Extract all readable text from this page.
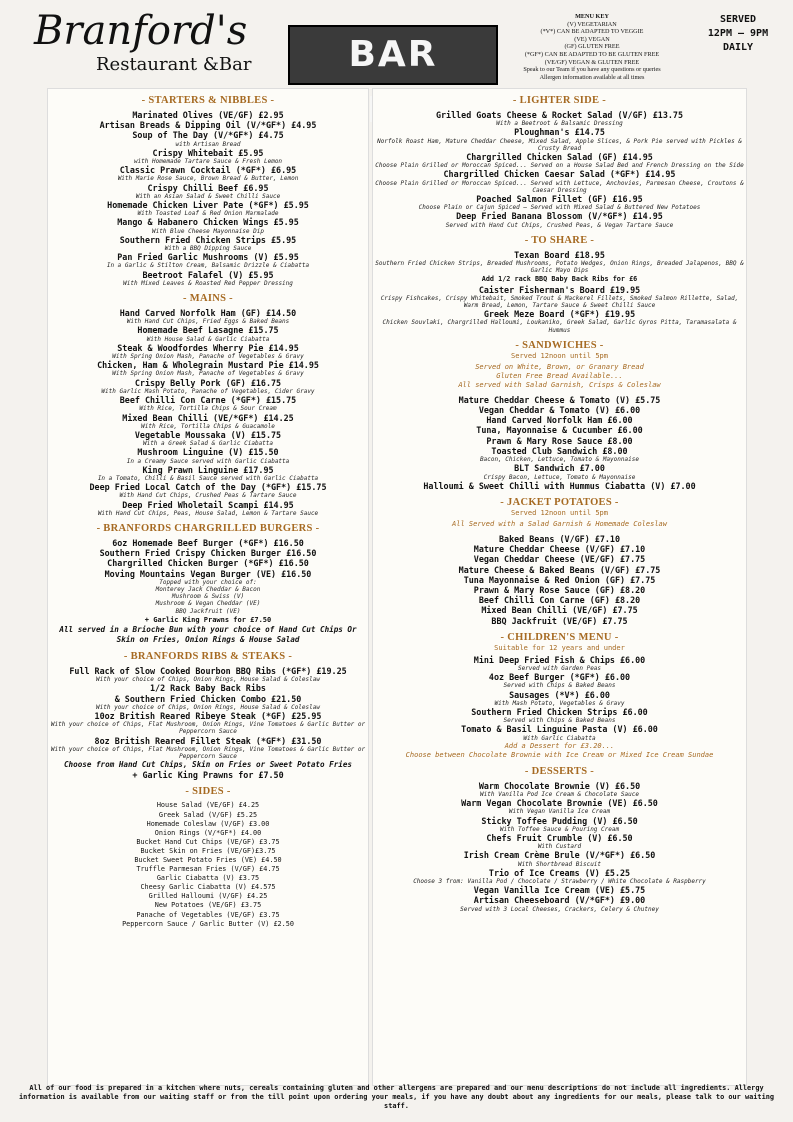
Branford's
Restaurant &Bar	BAR
MENU KEY
(V) VEGETARIAN
(*V*) CAN BE ADAPTED TO VEGGIE
(VE) VEGAN
(GF) GLUTEN FREE
(*GF*) CAN BE ADAPTED TO BE GLUTEN FREE
(VE/GF) VEGAN & GLUTEN FREE
Speak to our Team if you have any questions or queries
Allergen information available at all times
SERVED
12PM – 9PM
DAILY
- STARTERS & NIBBLES -
Marinated Olives (VE/GF) £2.95
Artisan Breads & Dipping Oil (V/*GF*) £4.95
Soup of The Day (V/*GF*) £4.75
with Artisan Bread
Crispy Whitebait £5.95
with Homemade Tartare Sauce & Fresh Lemon
Classic Prawn Cocktail (*GF*) £6.95
With Marie Rose Sauce, Brown Bread & Butter, Lemon
Crispy Chilli Beef £6.95
With an Asian Salad & Sweet Chilli Sauce
Homemade Chicken Liver Pate (*GF*) £5.95
With Toasted Loaf & Red Onion Marmalade
Mango & Habanero Chicken Wings £5.95
With Blue Cheese Mayonnaise Dip
Southern Fried Chicken Strips £5.95
With a BBQ Dipping Sauce
Pan Fried Garlic Mushrooms (V) £5.95
In a Garlic & Stilton Cream, Balsamic Drizzle & Ciabatta
Beetroot Falafel (V) £5.95
With Mixed Leaves & Roasted Red Pepper Dressing
- MAINS -
Hand Carved Norfolk Ham (GF) £14.50
With Hand Cut Chips, Fried Eggs & Baked Beans
Homemade Beef Lasagne £15.75
With House Salad & Garlic Ciabatta
Steak & Woodfordes Wherry Pie £14.95
With Spring Onion Mash, Panache of Vegetables & Gravy
Chicken, Ham & Wholegrain Mustard Pie £14.95
With Spring Onion Mash, Panache of Vegetables & Gravy
Crispy Belly Pork (GF) £16.75
With Garlic Mash Potato, Panache of Vegetables, Cider Gravy
Beef Chilli Con Carne (*GF*) £15.75
With Rice, Tortilla Chips & Sour Cream
Mixed Bean Chilli (VE/*GF*) £14.25
With Rice, Tortilla Chips & Guacamole
Vegetable Moussaka (V) £15.75
With a Greek Salad & Garlic Ciabatta
Mushroom Linguine (V) £15.50
In a Creamy Sauce served with Garlic Ciabatta
King Prawn Linguine £17.95
In a Tomato, Chilli & Basil Sauce served with Garlic Ciabatta
Deep Fried Local Catch of the Day (*GF*) £15.75
With Hand Cut Chips, Crushed Peas & Tartare Sauce
Deep Fried Wholetail Scampi £14.95
With Hand Cut Chips, Peas, House Salad, Lemon & Tartare Sauce
- BRANFORDS CHARGRILLED BURGERS -
6oz Homemade Beef Burger (*GF*) £16.50
Southern Fried Crispy Chicken Burger £16.50
Chargrilled Chicken Burger (*GF*) £16.50
Moving Mountains Vegan Burger (VE) £16.50
Topped with your choice of:
Monterey Jack Cheddar & Bacon
Mushroom & Swiss (V)
Mushroom & Vegan Cheddar (VE)
BBQ Jackfruit (VE)
+ Garlic King Prawns for £7.50
All served in a Brioche Bun with your choice of Hand Cut Chips Or Skin on Fries, Onion Rings & House Salad
- BRANFORDS RIBS & STEAKS -
Full Rack of Slow Cooked Bourbon BBQ Ribs (*GF*) £19.25
With your choice of Chips, Onion Rings, House Salad & Coleslaw
1/2 Rack Baby Back Ribs
& Southern Fried Chicken Combo £21.50
With your choice of Chips, Onion Rings, House Salad & Coleslaw
10oz British Reared Ribeye Steak (*GF) £25.95
With your choice of Chips, Flat Mushroom, Onion Rings, Vine Tomatoes & Garlic Butter or Peppercorn Sauce
8oz British Reared Fillet Steak (*GF*) £31.50
With your choice of Chips, Flat Mushroom, Onion Rings, Vine Tomatoes & Garlic Butter or Peppercorn Sauce
Choose from Hand Cut Chips, Skin on Fries or Sweet Potato Fries
+ Garlic King Prawns for £7.50
- SIDES -
House Salad (VE/GF) £4.25
Greek Salad (V/GF) £5.25
Homemade Coleslaw (V/GF) £3.00
Onion Rings (V/*GF*) £4.00
Bucket Hand Cut Chips (VE/GF) £3.75
Bucket Skin on Fries (VE/GF)£3.75
Bucket Sweet Potato Fries (VE) £4.50
Truffle Parmesan Fries (V/GF) £4.75
Garlic Ciabatta (V) £3.75
Cheesy Garlic Ciabatta (V) £4.575
Grilled Halloumi (V/GF) £4.25
New Potatoes (VE/GF) £3.75
Panache of Vegetables (VE/GF) £3.75
Peppercorn Sauce / Garlic Butter (V) £2.50
- LIGHTER SIDE -
Grilled Goats Cheese & Rocket Salad (V/GF) £13.75
With a Beetroot & Balsamic Dressing
Ploughman's £14.75
Norfolk Roast Ham, Mature Cheddar Cheese, Mixed Salad, Apple Slices, & Pork Pie served with Pickles & Crusty Bread
Chargrilled Chicken Salad (GF) £14.95
Choose Plain Grilled or Moroccan Spiced... Served on a House Salad Bed and French Dressing on the Side
Chargrilled Chicken Caesar Salad (*GF*) £14.95
Choose Plain Grilled or Moroccan Spiced... Served with Lettuce, Anchovies, Parmesan Cheese, Croutons & Caesar Dressing
Poached Salmon Fillet (GF) £16.95
Choose Plain or Cajun Spiced – Served with Mixed Salad & Buttered New Potatoes
Deep Fried Banana Blossom (V/*GF*) £14.95
Served with Hand Cut Chips, Crushed Peas, & Vegan Tartare Sauce
- TO SHARE -
Texan Board £18.95
Southern Fried Chicken Strips, Breaded Mushrooms, Potato Wedges, Onion Rings, Breaded Jalapenos, BBQ & Garlic Mayo Dips
Add 1/2 rack BBQ Baby Back Ribs for £6
Caister Fisherman's Board £19.95
Crispy Fishcakes, Crispy Whitebait, Smoked Trout & Mackerel Fillets, Smoked Salmon Rillette, Salad, Warm Bread, Lemon, Tartare Sauce & Sweet Chilli Sauce
Greek Meze Board (*GF*) £19.95
Chicken Souvlaki, Chargrilled Halloumi, Loukaniko, Greek Salad, Garlic Gyros Pitta, Taramasalata & Hummus
- SANDWICHES -
Served 12noon until 5pm
Served on White, Brown, or Granary Bread
Gluten Free Bread Available...
All served with Salad Garnish, Crisps & Coleslaw
Mature Cheddar Cheese & Tomato (V) £5.75
Vegan Cheddar & Tomato (V) £6.00
Hand Carved Norfolk Ham £6.00
Tuna, Mayonnaise & Cucumber £6.00
Prawn & Mary Rose Sauce £8.00
Toasted Club Sandwich £8.00
Bacon, Chicken, Lettuce, Tomato & Mayonnaise
BLT Sandwich £7.00
Crispy Bacon, Lettuce, Tomato & Mayonnaise
Halloumi & Sweet Chilli with Hummus Ciabatta (V) £7.00
- JACKET POTATOES -
Served 12noon until 5pm
All Served with a Salad Garnish & Homemade Coleslaw
Baked Beans (V/GF) £7.10
Mature Cheddar Cheese (V/GF) £7.10
Vegan Cheddar Cheese (VE/GF) £7.75
Mature Cheese & Baked Beans (V/GF) £7.75
Tuna Mayonnaise & Red Onion (GF) £7.75
Prawn & Mary Rose Sauce (GF) £8.20
Beef Chilli Con Carne (GF) £8.20
Mixed Bean Chilli (VE/GF) £7.75
BBQ Jackfruit (VE/GF) £7.75
- CHILDREN'S MENU -
Suitable for 12 years and under
Mini Deep Fried Fish & Chips £6.00
Served with Garden Peas
4oz Beef Burger (*GF*) £6.00
Served with Chips & Baked Beans
Sausages (*V*) £6.00
With Mash Potato, Vegetables & Gravy
Southern Fried Chicken Strips £6.00
Served with Chips & Baked Beans
Tomato & Basil Linguine Pasta (V) £6.00
With Garlic Ciabatta
Add a Dessert for £3.20...
Choose between Chocolate Brownie with Ice Cream or Mixed Ice Cream Sundae
- DESSERTS -
Warm Chocolate Brownie (V) £6.50
With Vanilla Pod Ice Cream & Chocolate Sauce
Warm Vegan Chocolate Brownie (VE) £6.50
With Vegan Vanilla Ice Cream
Sticky Toffee Pudding (V) £6.50
With Toffee Sauce & Pouring Cream
Chefs Fruit Crumble (V) £6.50
With Custard
Irish Cream Crème Brule (V/*GF*) £6.50
With Shortbread Biscuit
Trio of Ice Creams (V) £5.25
Choose 3 from: Vanilla Pod / Chocolate / Strawberry / White Chocolate & Raspberry
Vegan Vanilla Ice Cream (VE) £5.75
Artisan Cheeseboard (V/*GF*) £9.00
Served with 3 Local Cheeses, Crackers, Celery & Chutney
All of our food is prepared in a kitchen where nuts, cereals containing gluten and other allergens are prepared and our menu descriptions do not include all ingredients. Allergy information is available from our waiting staff or from the till point upon ordering your meals, if you have any doubt about any ingredients for our meals, please talk to our waiting staff.
